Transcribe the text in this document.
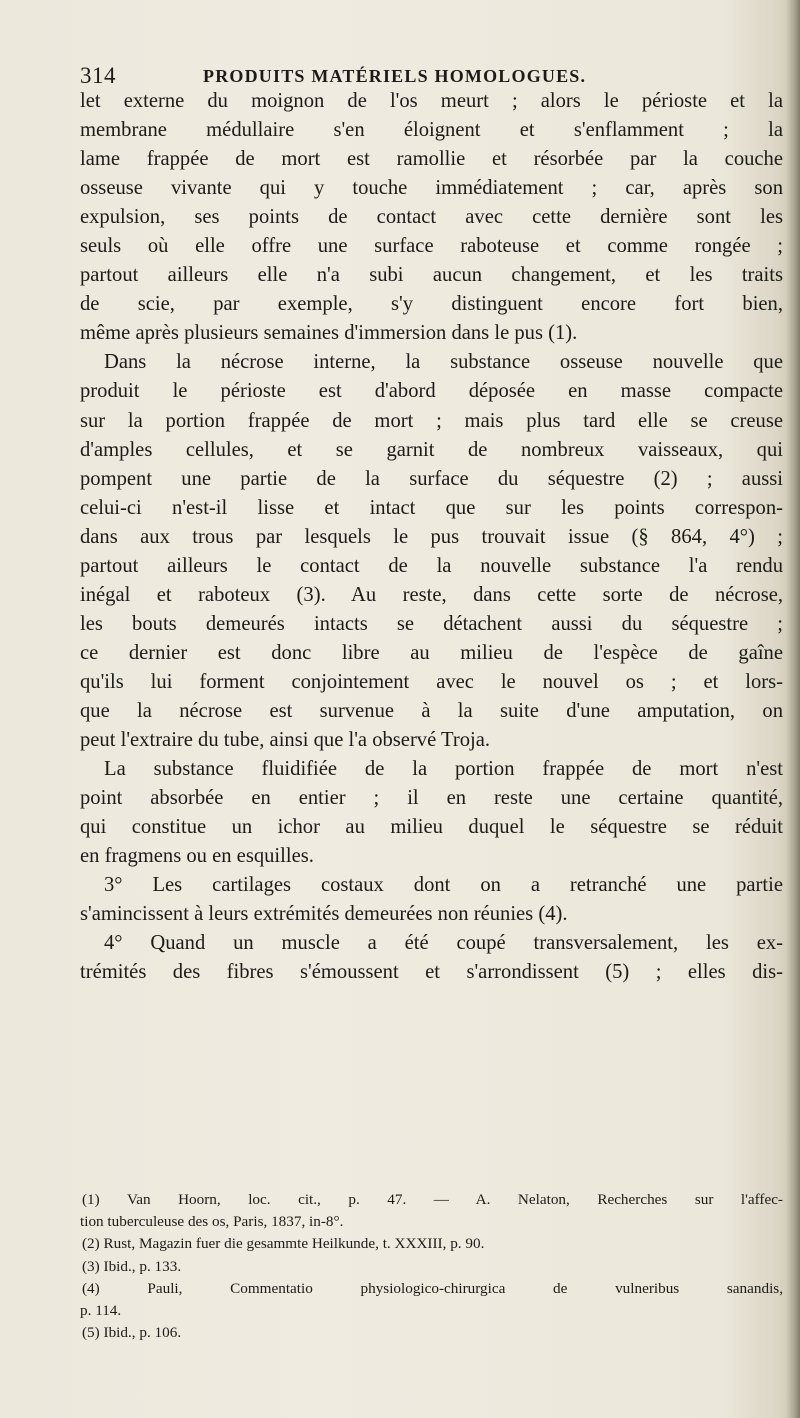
314	PRODUITS MATÉRIELS HOMOLOGUES.
let externe du moignon de l'os meurt ; alors le périoste et la
membrane médullaire s'en éloignent et s'enflamment ; la
lame frappée de mort est ramollie et résorbée par la couche
osseuse vivante qui y touche immédiatement ; car, après son
expulsion, ses points de contact avec cette dernière sont les
seuls où elle offre une surface raboteuse et comme rongée ;
partout ailleurs elle n'a subi aucun changement, et les traits
de scie, par exemple, s'y distinguent encore fort bien,
même après plusieurs semaines d'immersion dans le pus (1).
Dans la nécrose interne, la substance osseuse nouvelle que
produit le périoste est d'abord déposée en masse compacte
sur la portion frappée de mort ; mais plus tard elle se creuse
d'amples cellules, et se garnit de nombreux vaisseaux, qui
pompent une partie de la surface du séquestre (2) ; aussi
celui-ci n'est-il lisse et intact que sur les points correspon-
dans aux trous par lesquels le pus trouvait issue (§ 864, 4°) ;
partout ailleurs le contact de la nouvelle substance l'a rendu
inégal et raboteux (3). Au reste, dans cette sorte de nécrose,
les bouts demeurés intacts se détachent aussi du séquestre ;
ce dernier est donc libre au milieu de l'espèce de gaîne
qu'ils lui forment conjointement avec le nouvel os ; et lors-
que la nécrose est survenue à la suite d'une amputation, on
peut l'extraire du tube, ainsi que l'a observé Troja.
La substance fluidifiée de la portion frappée de mort n'est
point absorbée en entier ; il en reste une certaine quantité,
qui constitue un ichor au milieu duquel le séquestre se réduit
en fragmens ou en esquilles.
3° Les cartilages costaux dont on a retranché une partie
s'amincissent à leurs extrémités demeurées non réunies (4).
4° Quand un muscle a été coupé transversalement, les ex-
trémités des fibres s'émoussent et s'arrondissent (5) ; elles dis-
(1) Van Hoorn, loc. cit., p. 47. — A. Nelaton, Recherches sur l'affec-
tion tuberculeuse des os, Paris, 1837, in-8°.
(2) Rust, Magazin fuer die gesammte Heilkunde, t. XXXIII, p. 90.
(3) Ibid., p. 133.
(4) Pauli, Commentatio physiologico-chirurgica de vulneribus sanandis,
p. 114.
(5) Ibid., p. 106.
